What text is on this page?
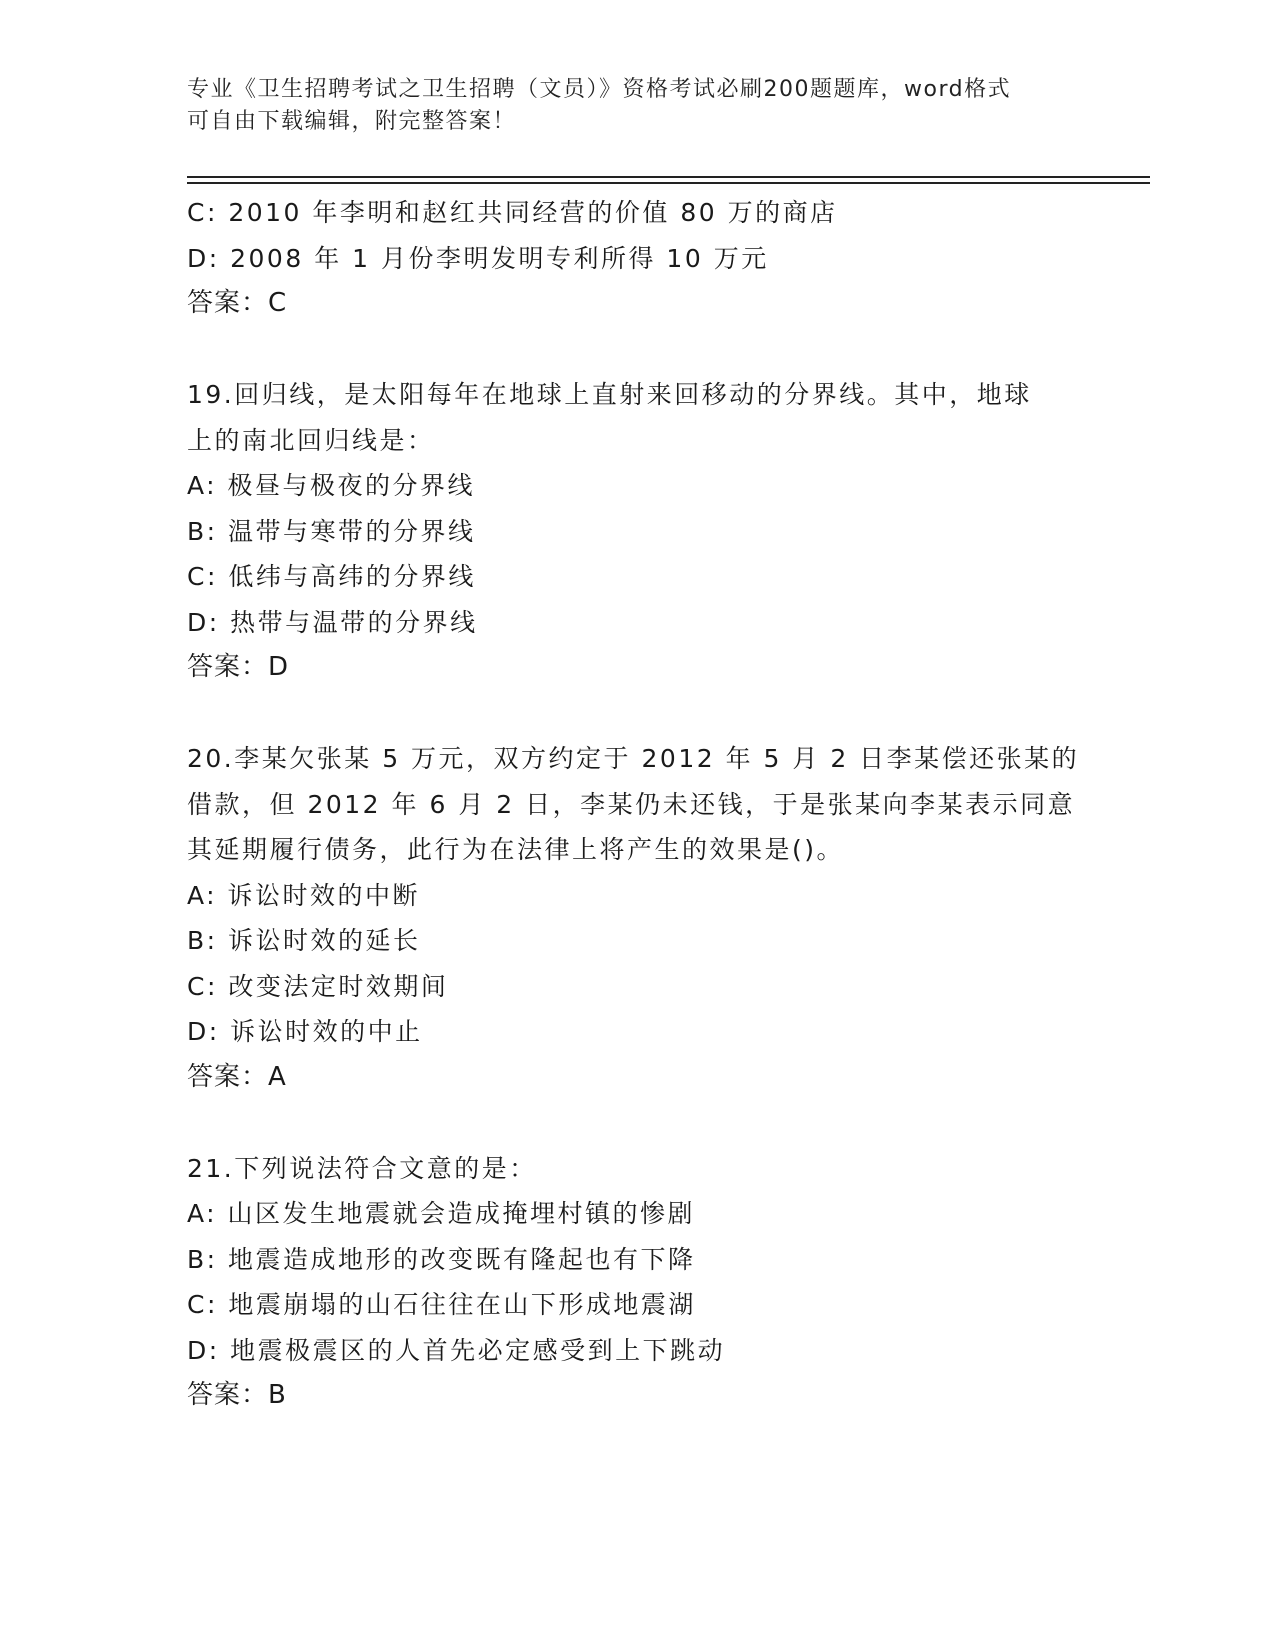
专业《卫生招聘考试之卫生招聘（文员）》资格考试必刷200题题库，word格式
可自由下载编辑，附完整答案！
C: 2010 年李明和赵红共同经营的价值 80 万的商店
D: 2008 年 1 月份李明发明专利所得 10 万元
答案：C
19.回归线，是太阳每年在地球上直射来回移动的分界线。其中，地球
上的南北回归线是：
A: 极昼与极夜的分界线
B: 温带与寒带的分界线
C: 低纬与高纬的分界线
D: 热带与温带的分界线
答案：D
20.李某欠张某 5 万元，双方约定于 2012 年 5 月 2 日李某偿还张某的
借款，但 2012 年 6 月 2 日，李某仍未还钱，于是张某向李某表示同意
其延期履行债务，此行为在法律上将产生的效果是()。
A: 诉讼时效的中断
B: 诉讼时效的延长
C: 改变法定时效期间
D: 诉讼时效的中止
答案：A
21.下列说法符合文意的是：
A: 山区发生地震就会造成掩埋村镇的惨剧
B: 地震造成地形的改变既有隆起也有下降
C: 地震崩塌的山石往往在山下形成地震湖
D: 地震极震区的人首先必定感受到上下跳动
答案：B
